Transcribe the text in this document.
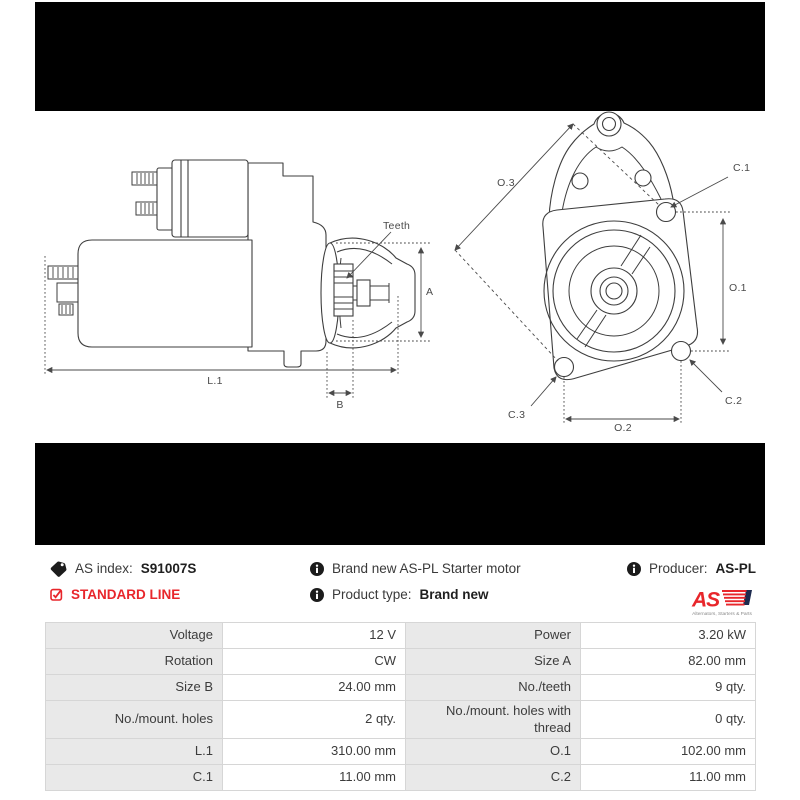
Teeth
A
L.1
B
O.3
C.1
O.1
C.2
C.3
O.2
AS index: S91007S
STANDARD LINE
Brand new AS-PL Starter motor
Product type: Brand new
Producer: AS-PL
AS
Alternators, Starters & Parts
Voltage	12 V	Power	3.20 kW
Rotation	CW	Size A	82.00 mm
Size B	24.00 mm	No./teeth	9 qty.
No./mount. holes	2 qty.	No./mount. holes with thread	0 qty.
L.1	310.00 mm	O.1	102.00 mm
C.1	11.00 mm	C.2	11.00 mm
